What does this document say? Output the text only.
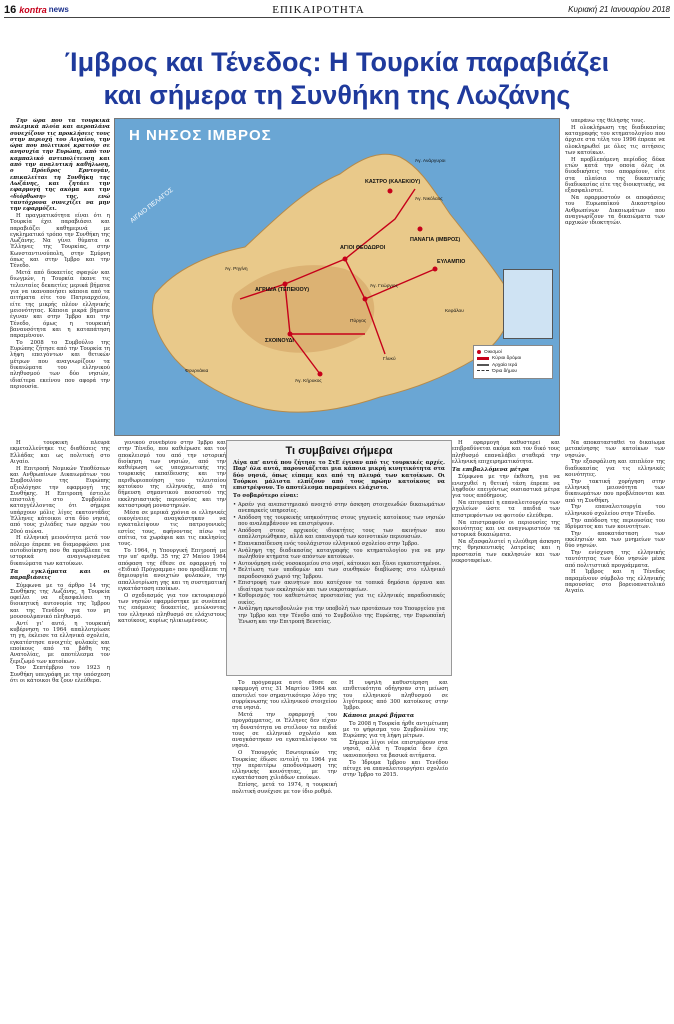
16 kontra news	ΕΠΙΚΑΙΡΟΤΗΤΑ	Κυριακή 21 Ιανουαρίου 2018
Ίμβρος και Τένεδος: Η Τουρκία παραβιάζει
και σήμερα τη Συνθήκη της Λωζάνης

Την ώρα που τα τουρκικά πολεμικά πλοία και αεροπλάνα συνεχίζουν τις προκλήσεις τους στην περιοχή του Αιγαίου, την ώρα που πολιτικοί κρατούν σε ανησυχία την Ευρώπη, από τον καμπαλικό αντιπολίτευση και από την αναλυτική καθήλωση, ο Πρόεδρος Ερντογάν, επικαλείται τη Συνθήκη της Λωζάνης, και ζητάει την εφαρμογή της ακόμα και την «διόρθωση» της, ενώ ταυτόχρονα συνεχίζει να μην την εφαρμόζει.

Η πραγματικότητα είναι ότι η Τουρκία έχει παραβιάσει και παραβιάζει καθημερινά με εγκληματικό τρόπο την Συνθήκη της Λωζάνης. Να γίνει θύματα οι Έλληνες της Τουρκίας, στην Κωνσταντινούπολη, στην Σμύρνη όπως και στην Ίμβρο και την Τένεδο.

Μετά από δεκαετίες σφαγών και διωγμών, η Τουρκία έκανε τις τελευταίες δεκαετίες μερικά βήματα για να ικανοποιήσει κάποια από τα αιτήματα είτε του Πατριαρχείου, είτε της μικρής πλέον ελληνικής μειονότητας. Κάποια μικρά βήματα έγιναν και στην Ίμβρο και την Τένεδο, όμως η τουρκική βαναυσότητα και η καταπάτηση παραμένουν.

Το 2008 το Συμβούλιο της Ευρώπης ζήτησε από την Τουρκία τη λήψη επειγόντων και θετικών μέτρων που αναγνωρίζουν τα δικαιώματα του ελληνικού πληθυσμού των δύο νησιών, ιδιαίτερα εκείνου που αφορά την περιουσία.

Η ΝΗΣΟΣ ΙΜΒΡΟΣ
ΑΙΓΑΙΟ ΠΕΛΑΓΟΣ
ΚΑΣΤΡΟ (ΚΑΛΕΚΙΟΥ)
Άγ. Νικόλαος
ΑΓΙΟΙ ΘΕΟΔΩΡΟΙ
ΠΑΝΑΓΙΑ (ΙΜΒΡΟΣ)
ΑΓΡΙΔΙΑ (ΤΕΠΕΚΙΟΥ)
ΣΧΟΙΝΟΥΔΙ
Γλυκύ
Άγ. Κήρυκος
Πύργος
ΕΥΛΑΜΠΙΟ
Άγ. Ανάργυροι
Άγ. Γεώργιος
Κεφάλου
Άγ. Ρηγίνη
Φουρνάκια
Οικισμοί
Κύριοι δρόμοι
Αρχαία Ιερά
Όρια δήμου

υπεράνω της θέλησής τους.

Η ολοκλήρωση της διαδικασίας καταγραφής του κτηματολογίου που άρχισε στα τέλη του 1996 έπρεπε να ολοκληρωθεί με όλες τις αιτήσεις των κατοίκων.

Η προβλεπόμενη περίοδος δέκα ετών κατά την οποία όλες οι διεκδικήσεις του απορρέουν, είτε στα πλαίσια της δικαστικής διαδικασίας είτε της διοικητικής, να εξασφαλιστεί.

Να εφαρμοστούν οι αποφάσεις του Ευρωπαϊκού Δικαστηρίου Ανθρωπίνων Δικαιωμάτων που αναγνωρίζουν τα δικαιώματα των αρχικών ιδιοκτητών.

Η τουρκική πλευρά εκμεταλλεύτηκε τις διαθέσεις της Ελλάδας και ως πολιτική στο Αιγαίο.

Η Επιτροπή Νομικών Υποθέσεων και Ανθρωπίνων Δικαιωμάτων του Συμβουλίου της Ευρώπης αξιολόγησε την εφαρμογή της Συνθήκης. Η Επιτροπή έστειλε επιστολή στο Συμβούλιο καταγγέλλοντας ότι σήμερα υπάρχουν μόλις λίγες εκατοντάδες Έλληνες κάτοικοι στα δύο νησιά, από τους χιλιάδες των αρχών του 20ού αιώνα.

Η ελληνική μειονότητα μετά τον πόλεμο έπρεπε να διαμορφώσει μια αυτοδιοίκηση που θα προέβλεπε τα ιστορικά αναγνωρισμένα δικαιώματα των κατοίκων.

Τα εγκλήματα και οι παραβιάσεις

Σύμφωνα με το άρθρο 14 της Συνθήκης της Λωζάνης, η Τουρκία οφείλει να εξασφαλίσει τη διοικητική αυτονομία της Ίμβρου και της Τενέδου για τον μη μουσουλμανικό πληθυσμό.

Αντί γι’ αυτό, η τουρκική κυβέρνηση το 1964 απαλλοτρίωσε τη γη, έκλεισε τα ελληνικά σχολεία, εγκατέστησε ανοιχτές φυλακές και εποίκους από τα βάθη της Ανατολίας, με αποτέλεσμα τον ξεριζωμό των κατοίκων.

Τον Σεπτέμβριο του 1923 η Συνθήκη υπεγράφη με την υπόσχεση ότι οι κάτοικοι θα ζουν ελεύθερα.

γενικού συνεδρίου στην Ίμβρο και στην Τένεδο, που καθιέρωσε και τον αποκλεισμό του από την ιστορική διοίκηση των νησιών, από την καθιέρωση ως υποχρεωτικής της τουρκικής εκπαίδευσης και την περιθωριοποίηση του τελευταίου κατοίκου της ελληνικής, από τη δήμευση σημαντικού ποσοστού της εκκλησιαστικής περιουσίας και την καταστροφή μοναστηριών.

Μέσα σε μερικά χρόνια οι ελληνικές οικογένειες αναγκάστηκαν να εγκαταλείψουν τις πατρογονικές εστίες τους, αφήνοντας πίσω τα σπίτια, τα χωράφια και τις εκκλησίες τους.

Το 1964, η Υπουργική Επιτροπή με την υπ’ αριθμ. 35 της 27 Μαΐου 1964 απόφαση της έθεσε σε εφαρμογή το «Ειδικό Πρόγραμμα» που προέβλεπε τη δημιουργία ανοιχτών φυλακών, την απαλλοτρίωση γης και τη συστηματική εγκατάσταση εποίκων.

Ο σχεδιασμός για τον εκτουρκισμό των νησιών εφαρμόστηκε με συνέπεια τις επόμενες δεκαετίες, μειώνοντας τον ελληνικό πληθυσμό σε ελάχιστους κατοίκους, κυρίως ηλικιωμένους.

Τι συμβαίνει σήμερα
Λίγα απ’ αυτά που ζήτησε το ΣτΕ έγιναν από τις τουρκικές αρχές. Παρ’ όλα αυτά, παρουσιάζεται μια κάποια μικρή κινητικότητα στα δύο νησιά, όπως είπαμε και από τη πλευρά των κατοίκων. Οι Τούρκοι μάλιστα ελπίζουν από τους πρώην κατοίκους να επιστρέψουν. Το αποτέλεσμα παραμένει ελάχιστο.
Το σοβαρότερο είναι:
• Αρσέν για ανεπιστημιακό ανοιχτό στην άσκηση στοιχειωδών δικαιωμάτων ανεπαρκείς υπηρεσίες.
• Απόδοση της τουρκικής υπηκοότητας στους γηγενείς κατοίκους των νησιών που αναλαμβάνουν να επιστρέψουν.
• Απόδοση στους αρχικούς ιδιοκτήτες τους των ακινήτων που απαλλοτριώθηκαν, αλλά και επαναγορά των κοινοτικών περιουσιών.
• Επανεκπαίδευση ενός τουλάχιστον ελληνικού σχολείου στην Ίμβρο.
• Ανάληψη της διαδικασίας καταγραφής του κτηματολογίου για να μην πωληθούν κτήματα των απόντων κατοίκων.
• Αυτονόμηση ενός νοσοκομείου στο νησί, κάτοικοι και ξένοι εγκατεστημένοι.
• Βελτίωση των υποδομών και των συνθηκών διαβίωσης στο ελληνικό παραδοσιακό χωριό της Ίμβρου.
• Επιστροφή των ακινήτων που κατέχουν τα τοπικά δημόσια όργανα και ιδιαίτερα των εκκλησιών και των νεκροταφείων.
• Καθορισμός του καθεστώτος προστασίας για τις ελληνικές παραδοσιακές οικίες.
• Ανάληψη πρωτοβουλιών για την υποβολή των προτάσεων του Υπουργείου για την Ίμβρο και την Τένεδο από το Συμβούλιο της Ευρώπης, την Ευρωπαϊκή Ένωση και την Επιτροπή Βενετίας.

Το πρόγραμμα αυτό έθεσε σε εφαρμογή στις 31 Μαρτίου 1964 και αποτελεί τον σημαντικότερο λόγο της συρρίκνωσης του ελληνικού στοιχείου στα νησιά.

Μετά την εφαρμογή του προγράμματος, οι Έλληνες δεν είχαν τη δυνατότητα να στείλουν τα παιδιά τους σε ελληνικό σχολείο και αναγκάστηκαν να εγκαταλείψουν τα νησιά.

Ο Υπουργός Εσωτερικών της Τουρκίας έδωσε εντολή το 1964 για την περαιτέρω αποδυνάμωση της ελληνικής κοινότητας, με την εγκατάσταση χιλιάδων εποίκων.

Επίσης, μετά το 1974, η τουρκική πολιτική συνέχισε με τον ίδιο ρυθμό.

Η υψηλή καθυστέρηση και επιθετικότητα οδήγησαν στη μείωση του ελληνικού πληθυσμού σε λιγότερους από 300 κατοίκους στην Ίμβρο.

Κάποια μικρά βήματα

Το 2008 η Τουρκία ήρθε αντιμέτωπη με το ψήφισμα του Συμβουλίου της Ευρώπης για τη λήψη μέτρων.

Σήμερα λίγοι νέοι επιστρέφουν στα νησιά, αλλά η Τουρκία δεν έχει ικανοποιήσει τα βασικά αιτήματα.

Το Ίδρυμα Ίμβρου και Τενέδου πέτυχε να επαναλειτουργήσει σχολείο στην Ίμβρο το 2015.

Η εφαρμογή καθυστερεί και επιβραδύνεται ακόμα και τον δικό τους πληθυσμό επαναλάβει σταθερά την ελληνική επιχειρηματικότητα.

Τα επιβαλλόμενα μέτρα

Σύμφωνα με την έκθεση, για να ενισχυθεί η θετική τάση έπρεπε να ληφθούν επειγόντως ουσιαστικά μέτρα για τους απόδημους.

Να επιτραπεί η επαναλειτουργία των σχολείων ώστε τα παιδιά των επιστρεφόντων να φοιτούν ελεύθερα.

Να επιστραφούν οι περιουσίες της κοινότητας και να αναγνωριστούν τα ιστορικά δικαιώματα.

Να εξασφαλιστεί η ελεύθερη άσκηση της θρησκευτικής λατρείας και η προστασία των εκκλησιών και των νεκροταφείων.

Να αποκατασταθεί το δικαίωμα μετακίνησης των κατοίκων των νησιών.

Την εξασφάλιση και επιπλέον της διαδικασίας για τις ελληνικές κοινότητες.

Την τακτική χορήγηση στην ελληνική μειονότητα των δικαιωμάτων που προβλέπονται και από τη Συνθήκη.

Την επαναλειτουργία του ελληνικού σχολείου στην Τένεδο.

Την απόδοση της περιουσίας του Ιδρύματος και των κοινοτήτων.

Την αποκατάσταση των εκκλησιών και των μνημείων των δύο νησιών.

Την ενίσχυση της ελληνικής ταυτότητας των δύο νησιών μέσα από πολιτιστικά προγράμματα.

Η Ίμβρος και η Τένεδος παραμένουν σύμβολο της ελληνικής παρουσίας στο βορειοανατολικό Αιγαίο.
